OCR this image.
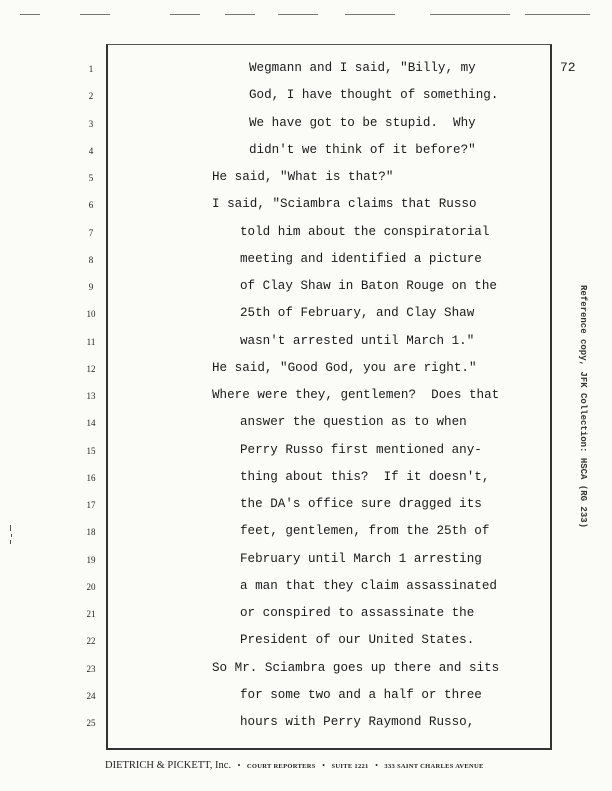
72
1	Wegmann and I said, "Billy, my
2	God, I have thought of something.
3	We have got to be stupid.  Why
4	didn't we think of it before?"
5	He said, "What is that?"
6	I said, "Sciambra claims that Russo
7	told him about the conspiratorial
8	meeting and identified a picture
9	of Clay Shaw in Baton Rouge on the
10	25th of February, and Clay Shaw
11	wasn't arrested until March 1."
12	He said, "Good God, you are right."
13	Where were they, gentlemen?  Does that
14	answer the question as to when
15	Perry Russo first mentioned any-
16	thing about this?  If it doesn't,
17	the DA's office sure dragged its
18	feet, gentlemen, from the 25th of
19	February until March 1 arresting
20	a man that they claim assassinated
21	or conspired to assassinate the
22	President of our United States.
23	So Mr. Sciambra goes up there and sits
24	for some two and a half or three
25	hours with Perry Raymond Russo,
Reference copy, JFK Collection: HSCA (RG 233)
DIETRICH & PICKETT, Inc. • COURT REPORTERS • SUITE 1221 • 333 SAINT CHARLES AVENUE
